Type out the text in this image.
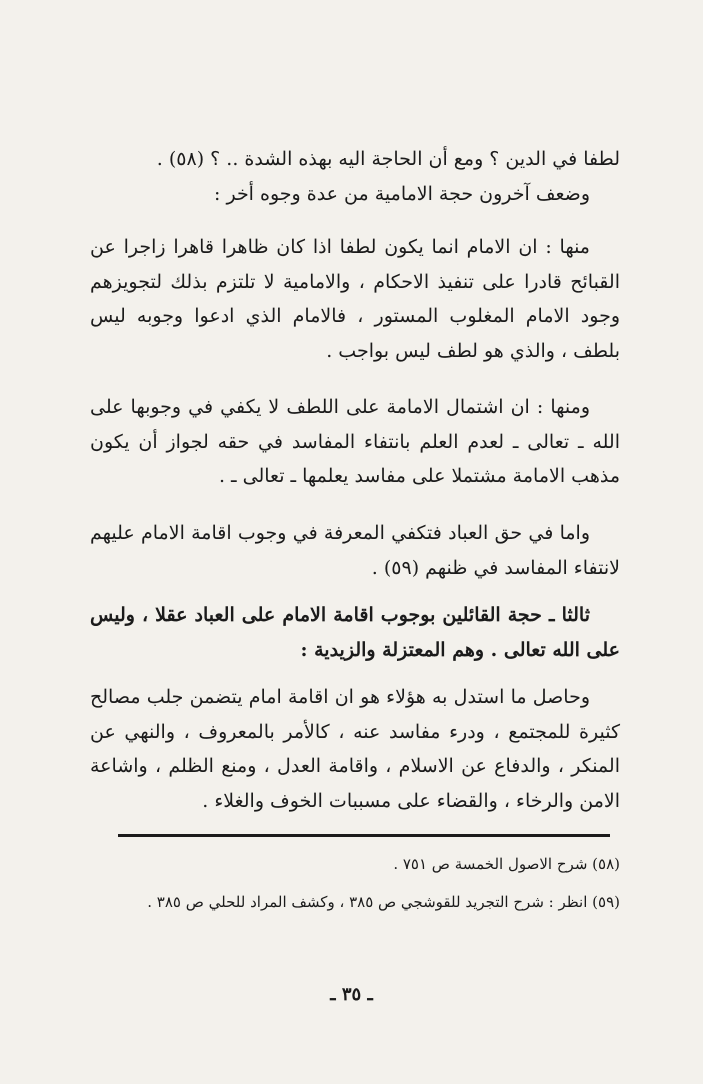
لطفا في الدين ؟ ومع أن الحاجة اليه بهذه الشدة .. ؟ (٥٨) .

وضعف آخرون حجة الامامية من عدة وجوه أخر :

منها : ان الامام انما يكون لطفا اذا كان ظاهرا قاهرا زاجرا عن القبائح قادرا على تنفيذ الاحكام ، والامامية لا تلتزم بذلك لتجويزهم وجود الامام المغلوب المستور ، فالامام الذي ادعوا وجوبه ليس بلطف ، والذي هو لطف ليس بواجب .

ومنها : ان اشتمال الامامة على اللطف لا يكفي في وجوبها على الله ـ تعالى ـ لعدم العلم بانتفاء المفاسد في حقه لجواز أن يكون مذهب الامامة مشتملا على مفاسد يعلمها ـ تعالى ـ .

واما في حق العباد فتكفي المعرفة في وجوب اقامة الامام عليهم لانتفاء المفاسد في ظنهم (٥٩) .

ثالثا ـ حجة القائلين بوجوب اقامة الامام على العباد عقلا ، وليس على الله تعالى . وهم المعتزلة والزيدية :

وحاصل ما استدل به هؤلاء هو ان اقامة امام يتضمن جلب مصالح كثيرة للمجتمع ، ودرء مفاسد عنه ، كالأمر بالمعروف ، والنهي عن المنكر ، والدفاع عن الاسلام ، واقامة العدل ، ومنع الظلم ، واشاعة الامن والرخاء ، والقضاء على مسببات الخوف والغلاء .

(٥٨) شرح الاصول الخمسة ص ٧٥١ .
(٥٩) انظر : شرح التجريد للقوشجي ص ٣٨٥ ، وكشف المراد للحلي ص ٣٨٥ .
ـ ٣٥ ـ
